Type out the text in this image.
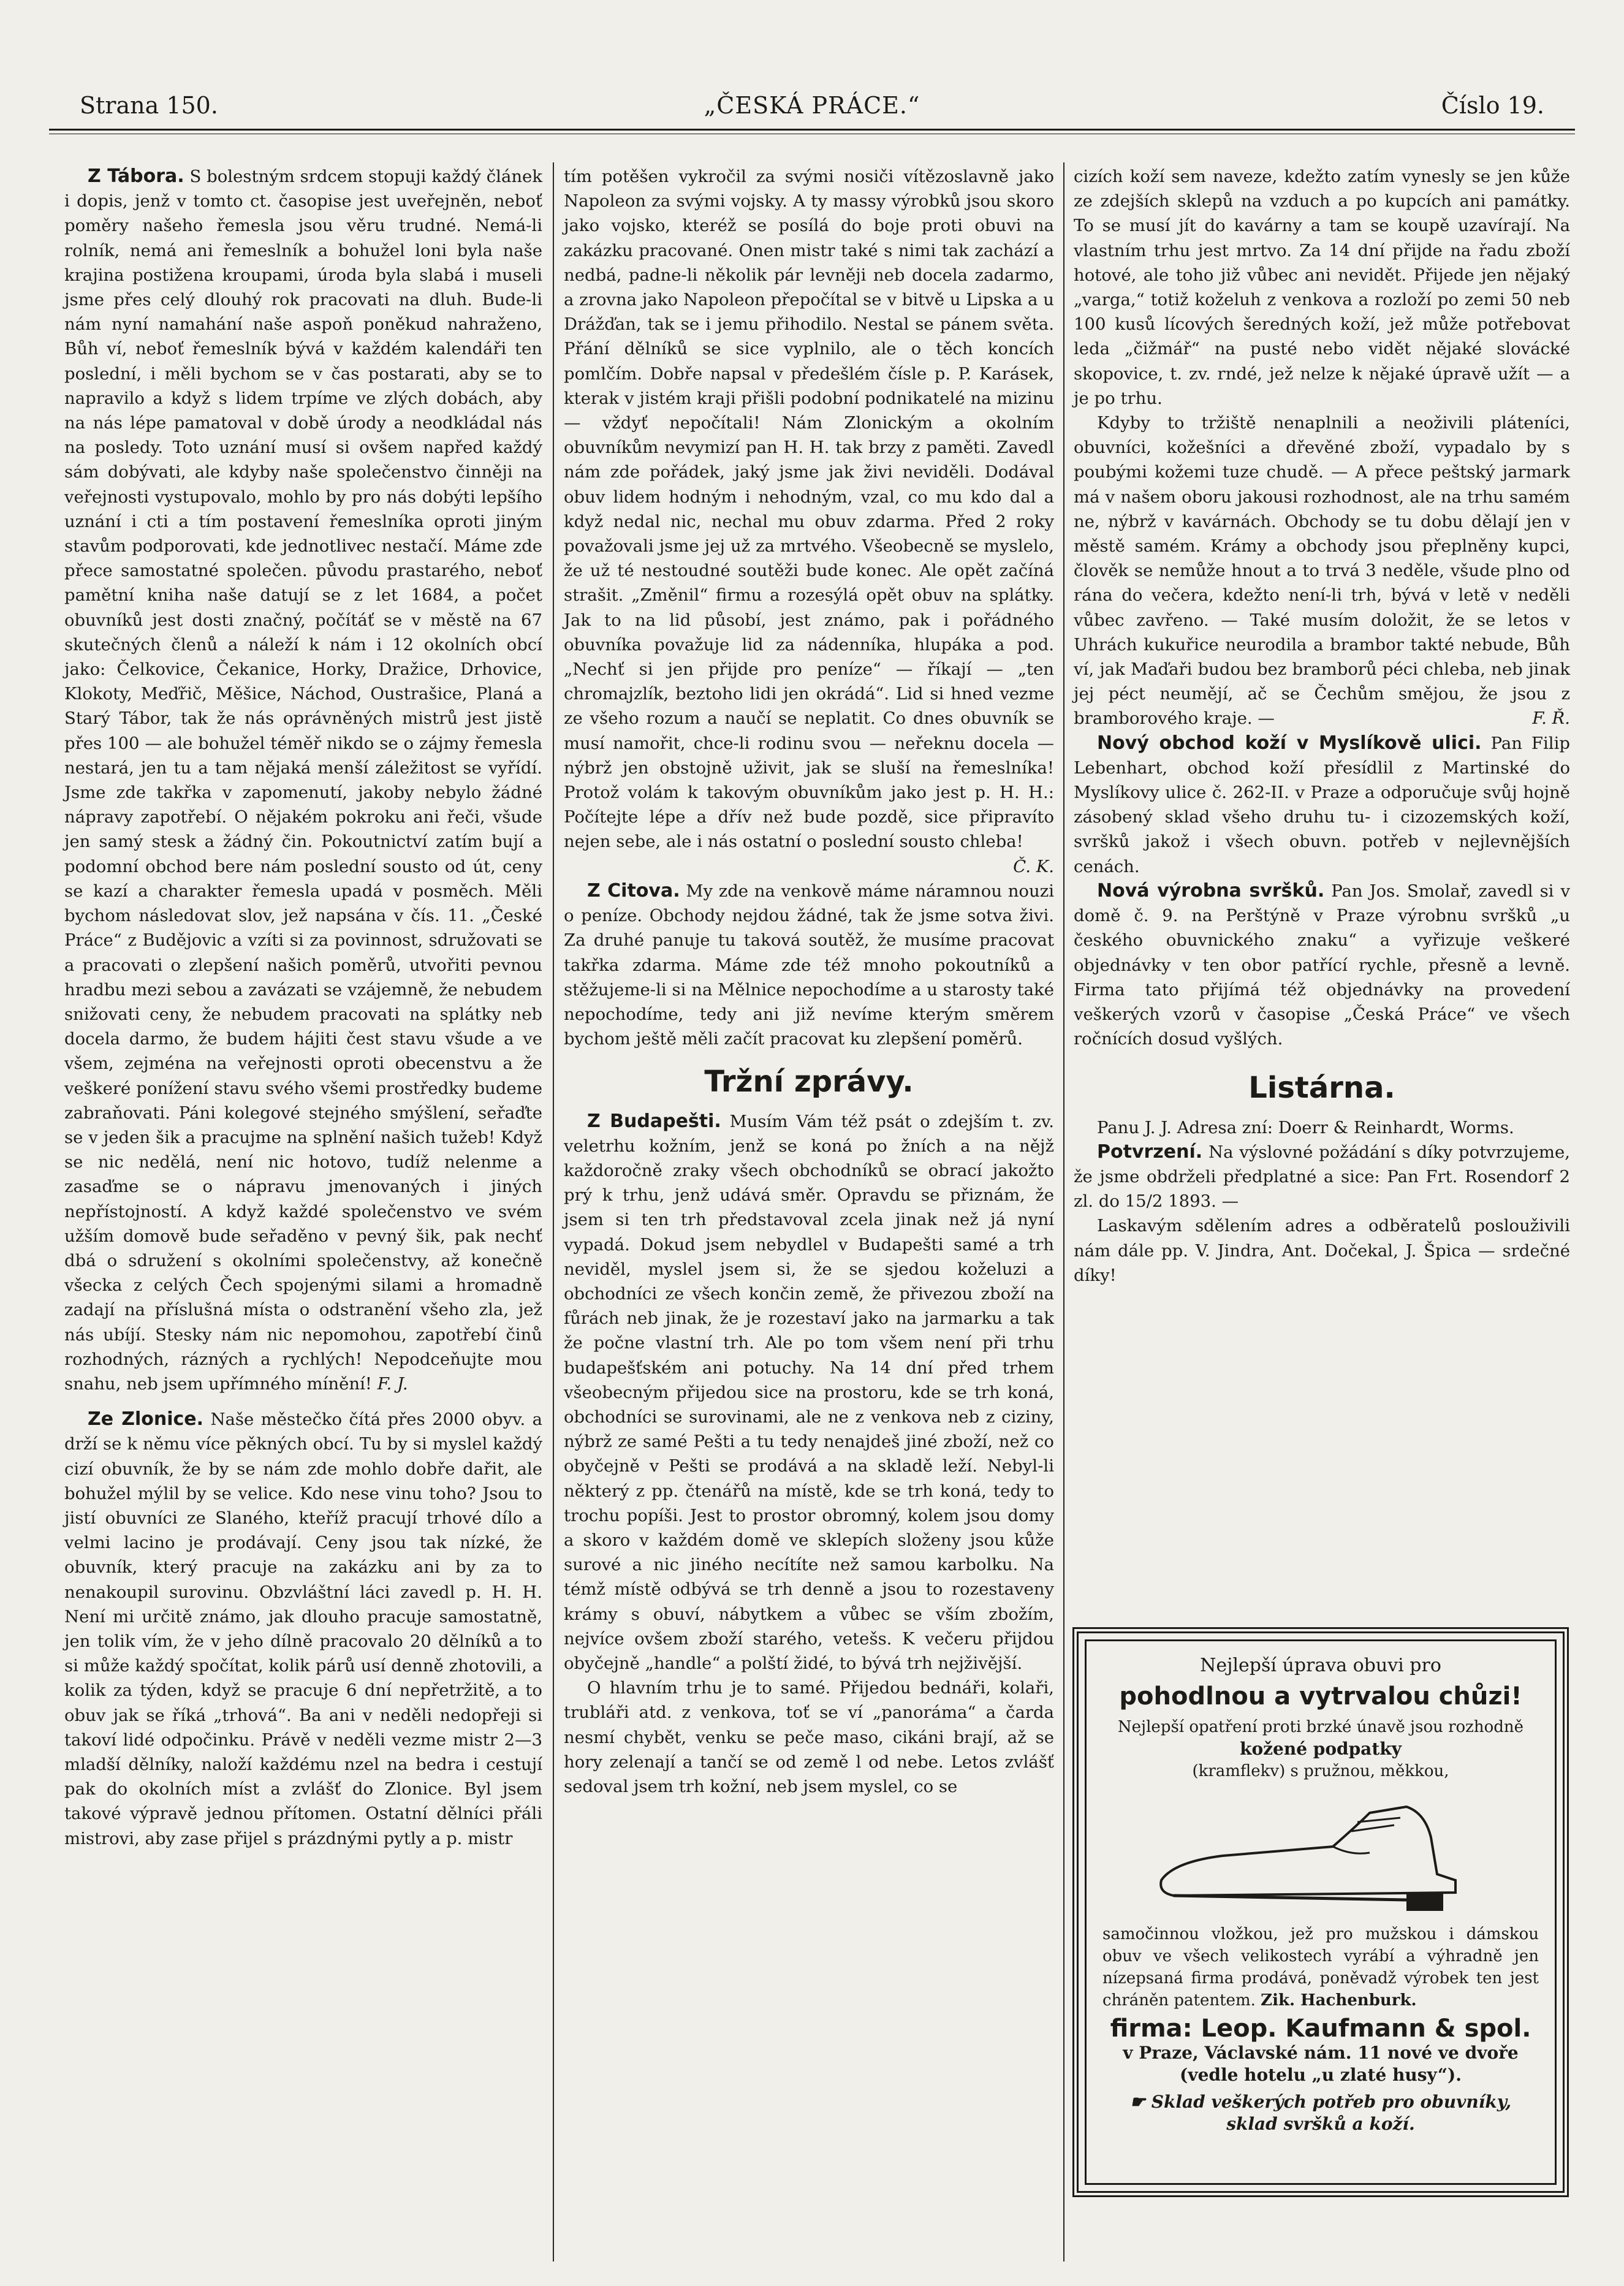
Strana 150.	„ČESKÁ PRÁCE.“	Číslo 19.

Z Tábora. S bolestným srdcem stopuji každý článek i dopis, jenž v tomto ct. časopise jest uveřejněn, neboť poměry našeho řemesla jsou věru trudné. Nemá-li rolník, nemá ani řemeslník a bohužel loni byla naše krajina postižena kroupami, úroda byla slabá i museli jsme přes celý dlouhý rok pracovati na dluh. Bude-li nám nyní namahání naše aspoň poněkud nahraženo, Bůh ví, neboť řemeslník bývá v každém kalendáři ten poslední, i měli bychom se v čas postarati, aby se to napravilo a když s lidem trpíme ve zlých dobách, aby na nás lépe pamatoval v době úrody a neodkládal nás na posledy. Toto uznání musí si ovšem napřed každý sám dobývati, ale kdyby naše společenstvo činněji na veřejnosti vystupovalo, mohlo by pro nás dobýti lepšího uznání i cti a tím postavení řemeslníka oproti jiným stavům podporovati, kde jednotlivec nestačí. Máme zde přece samostatné společen. původu prastarého, neboť pamětní kniha naše datují se z let 1684, a počet obuvníků jest dosti značný, počítáť se v městě na 67 skutečných členů a náleží k nám i 12 okolních obcí jako: Čelkovice, Čekanice, Horky, Dražice, Drhovice, Klokoty, Meďřič, Měšice, Náchod, Oustrašice, Planá a Starý Tábor, tak že nás oprávněných mistrů jest jistě přes 100 — ale bohužel téměř nikdo se o zájmy řemesla nestará, jen tu a tam nějaká menší záležitost se vyřídí. Jsme zde takřka v zapomenutí, jakoby nebylo žádné nápravy zapotřebí. O nějakém pokroku ani řeči, všude jen samý stesk a žádný čin. Pokoutnictví zatím bují a podomní obchod bere nám poslední sousto od út, ceny se kazí a charakter řemesla upadá v posměch. Měli bychom následovat slov, jež napsána v čís. 11. „České Práce“ z Budějovic a vzíti si za povinnost, sdružovati se a pracovati o zlepšení našich poměrů, utvořiti pevnou hradbu mezi sebou a zavázati se vzájemně, že nebudem snižovati ceny, že nebudem pracovati na splátky neb docela darmo, že budem hájiti čest stavu všude a ve všem, zejména na veřejnosti oproti obecenstvu a že veškeré ponížení stavu svého všemi prostředky budeme zabraňovati. Páni kolegové stejného smýšlení, seřaďte se v jeden šik a pracujme na splnění našich tužeb! Když se nic nedělá, není nic hotovo, tudíž nelenme a zasaďme se o nápravu jmenovaných i jiných nepřístojností. A když každé společenstvo ve svém užším domově bude seřaděno v pevný šik, pak nechť dbá o sdružení s okolními společenstvy, až konečně všecka z celých Čech spojenými silami a hromadně zadají na příslušná místa o odstranění všeho zla, jež nás ubíjí. Stesky nám nic nepomohou, zapotřebí činů rozhodných, rázných a rychlých! Nepodceňujte mou snahu, neb jsem upřímného mínění! F. J.

Ze Zlonice. Naše městečko čítá přes 2000 obyv. a drží se k němu více pěkných obcí. Tu by si myslel každý cizí obuvník, že by se nám zde mohlo dobře dařit, ale bohužel mýlil by se velice. Kdo nese vinu toho? Jsou to jistí obuvníci ze Slaného, kteříž pracují trhové dílo a velmi lacino je prodávají. Ceny jsou tak nízké, že obuvník, který pracuje na zakázku ani by za to nenakoupil surovinu. Obzvláštní láci zavedl p. H. H. Není mi určitě známo, jak dlouho pracuje samostatně, jen tolik vím, že v jeho dílně pracovalo 20 dělníků a to si může každý spočítat, kolik párů usí denně zhotovili, a kolik za týden, když se pracuje 6 dní nepřetržitě, a to obuv jak se říká „trhová“. Ba ani v neděli nedopřeji si takoví lidé odpočinku. Právě v neděli vezme mistr 2—3 mladší dělníky, naloží každému nzel na bedra i cestují pak do okolních míst a zvlášť do Zlonice. Byl jsem takové výpravě jednou přítomen. Ostatní dělníci přáli mistrovi, aby zase přijel s prázdnými pytly a p. mistr

tím potěšen vykročil za svými nosiči vítězoslavně jako Napoleon za svými vojsky. A ty massy výrobků jsou skoro jako vojsko, kteréž se posílá do boje proti obuvi na zakázku pracované. Onen mistr také s nimi tak zachází a nedbá, padne-li několik pár levněji neb docela zadarmo, a zrovna jako Napoleon přepočítal se v bitvě u Lipska a u Drážďan, tak se i jemu přihodilo. Nestal se pánem světa. Přání dělníků se sice vyplnilo, ale o těch koncích pomlčím. Dobře napsal v předešlém čísle p. P. Karásek, kterak v jistém kraji přišli podobní podnikatelé na mizinu — vždyť nepočítali! Nám Zlonickým a okolním obuvníkům nevymizí pan H. H. tak brzy z paměti. Zavedl nám zde pořádek, jaký jsme jak živi neviděli. Dodával obuv lidem hodným i nehodným, vzal, co mu kdo dal a když nedal nic, nechal mu obuv zdarma. Před 2 roky považovali jsme jej už za mrtvého. Všeobecně se myslelo, že už té nestoudné soutěži bude konec. Ale opět začíná strašit. „Změnil“ firmu a rozesýlá opět obuv na splátky. Jak to na lid působí, jest známo, pak i pořádného obuvníka považuje lid za nádenníka, hlupáka a pod. „Nechť si jen přijde pro peníze“ — říkají — „ten chromajzlík, beztoho lidi jen okrádá“. Lid si hned vezme ze všeho rozum a naučí se neplatit. Co dnes obuvník se musí namořit, chce-li rodinu svou — neřeknu docela — nýbrž jen obstojně uživit, jak se sluší na řemeslníka! Protož volám k takovým obuvníkům jako jest p. H. H.: Počítejte lépe a dřív než bude pozdě, sice připravíto nejen sebe, ale i nás ostatní o poslední sousto chleba!

Č. K.

Z Citova. My zde na venkově máme náramnou nouzi o peníze. Obchody nejdou žádné, tak že jsme sotva živi. Za druhé panuje tu taková soutěž, že musíme pracovat takřka zdarma. Máme zde též mnoho pokoutníků a stěžujeme-li si na Mělnice nepochodíme a u starosty také nepochodíme, tedy ani již nevíme kterým směrem bychom ještě měli začít pracovat ku zlepšení poměrů.

Tržní zprávy.

Z Budapešti. Musím Vám též psát o zdejším t. zv. veletrhu kožním, jenž se koná po žních a na nějž každoročně zraky všech obchodníků se obrací jakožto prý k trhu, jenž udává směr. Opravdu se přiznám, že jsem si ten trh představoval zcela jinak než já nyní vypadá. Dokud jsem nebydlel v Budapešti samé a trh neviděl, myslel jsem si, že se sjedou koželuzi a obchodníci ze všech končin země, že přivezou zboží na fůrách neb jinak, že je rozestaví jako na jarmarku a tak že počne vlastní trh. Ale po tom všem není při trhu budapešťském ani potuchy. Na 14 dní před trhem všeobecným přijedou sice na prostoru, kde se trh koná, obchodníci se surovinami, ale ne z venkova neb z ciziny, nýbrž ze samé Pešti a tu tedy nenajdeš jiné zboží, než co obyčejně v Pešti se prodává a na skladě leží. Nebyl-li některý z pp. čtenářů na místě, kde se trh koná, tedy to trochu popíši. Jest to prostor obromný, kolem jsou domy a skoro v každém domě ve sklepích složeny jsou kůže surové a nic jiného necítíte než samou karbolku. Na témž místě odbývá se trh denně a jsou to rozestaveny krámy s obuví, nábytkem a vůbec se vším zbožím, nejvíce ovšem zboží starého, vetešs. K večeru přijdou obyčejně „handle“ a polští židé, to bývá trh nejživější.

O hlavním trhu je to samé. Přijedou bednáři, kolaři, trubláři atd. z venkova, toť se ví „panoráma“ a čarda nesmí chybět, venku se peče maso, cikáni brají, až se hory zelenají a tančí se od země l od nebe. Letos zvlášť sedoval jsem trh kožní, neb jsem myslel, co se

cizích koží sem naveze, kdežto zatím vynesly se jen kůže ze zdejších sklepů na vzduch a po kupcích ani památky. To se musí jít do kavárny a tam se koupě uzavírají. Na vlastním trhu jest mrtvo. Za 14 dní přijde na řadu zboží hotové, ale toho již vůbec ani nevidět. Přijede jen nějaký „varga,“ totiž koželuh z venkova a rozloží po zemi 50 neb 100 kusů lícových šeredných koží, jež může potřebovat leda „čižmář“ na pusté nebo vidět nějaké slovácké skopovice, t. zv. rndé, jež nelze k nějaké úpravě užít — a je po trhu.

Kdyby to tržiště nenaplnili a neoživili pláteníci, obuvníci, kožešníci a dřevěné zboží, vypadalo by s poubými kožemi tuze chudě. — A přece peštský jarmark má v našem oboru jakousi rozhodnost, ale na trhu samém ne, nýbrž v kavárnách. Obchody se tu dobu dělají jen v městě samém. Krámy a obchody jsou přeplněny kupci, člověk se nemůže hnout a to trvá 3 neděle, všude plno od rána do večera, kdežto není-li trh, bývá v letě v neděli vůbec zavřeno. — Také musím doložit, že se letos v Uhrách kukuřice neurodila a brambor takté nebude, Bůh ví, jak Maďaři budou bez bramborů péci chleba, neb jinak jej péct neumějí, ač se Čechům smějou, že jsou z bramborového kraje. —	F. Ř.

Nový obchod koží v Myslíkově ulici. Pan Filip Lebenhart, obchod koží přesídlil z Martinské do Myslíkovy ulice č. 262-II. v Praze a odporučuje svůj hojně zásobený sklad všeho druhu tu- i cizozemských koží, svršků jakož i všech obuvn. potřeb v nejlevnějších cenách.

Nová výrobna svršků. Pan Jos. Smolař, zavedl si v domě č. 9. na Perštýně v Praze výrobnu svršků „u českého obuvnického znaku“ a vyřizuje veškeré objednávky v ten obor patřící rychle, přesně a levně. Firma tato přijímá též objednávky na provedení veškerých vzorů v časopise „Česká Práce“ ve všech ročnících dosud vyšlých.

Listárna.

Panu J. J. Adresa zní: Doerr & Reinhardt, Worms.

Potvrzení. Na výslovné požádání s díky potvrzujeme, že jsme obdrželi předplatné a sice: Pan Frt. Rosendorf 2 zl. do 15/2 1893. —

Laskavým sdělením adres a odběratelů poslouživili nám dále pp. V. Jindra, Ant. Dočekal, J. Špica — srdečné díky!

Nejlepší úprava obuvi pro
pohodlnou a vytrvalou chůzi!
Nejlepší opatření proti brzké únavě jsou rozhodně
kožené podpatky
(kramflekv) s pružnou, měkkou,
samočinnou vložkou, jež pro mužskou i dámskou obuv ve všech velikostech vyrábí a výhradně jen nízepsaná firma prodává, poněvadž výrobek ten jest chráněn patentem. Zik. Hachenburk.
firma: Leop. Kaufmann & spol.
v Praze, Václavské nám. 11 nové ve dvoře (vedle hotelu „u zlaté husy“).
☛ Sklad veškerých potřeb pro obuvníky, sklad svršků a koží.
